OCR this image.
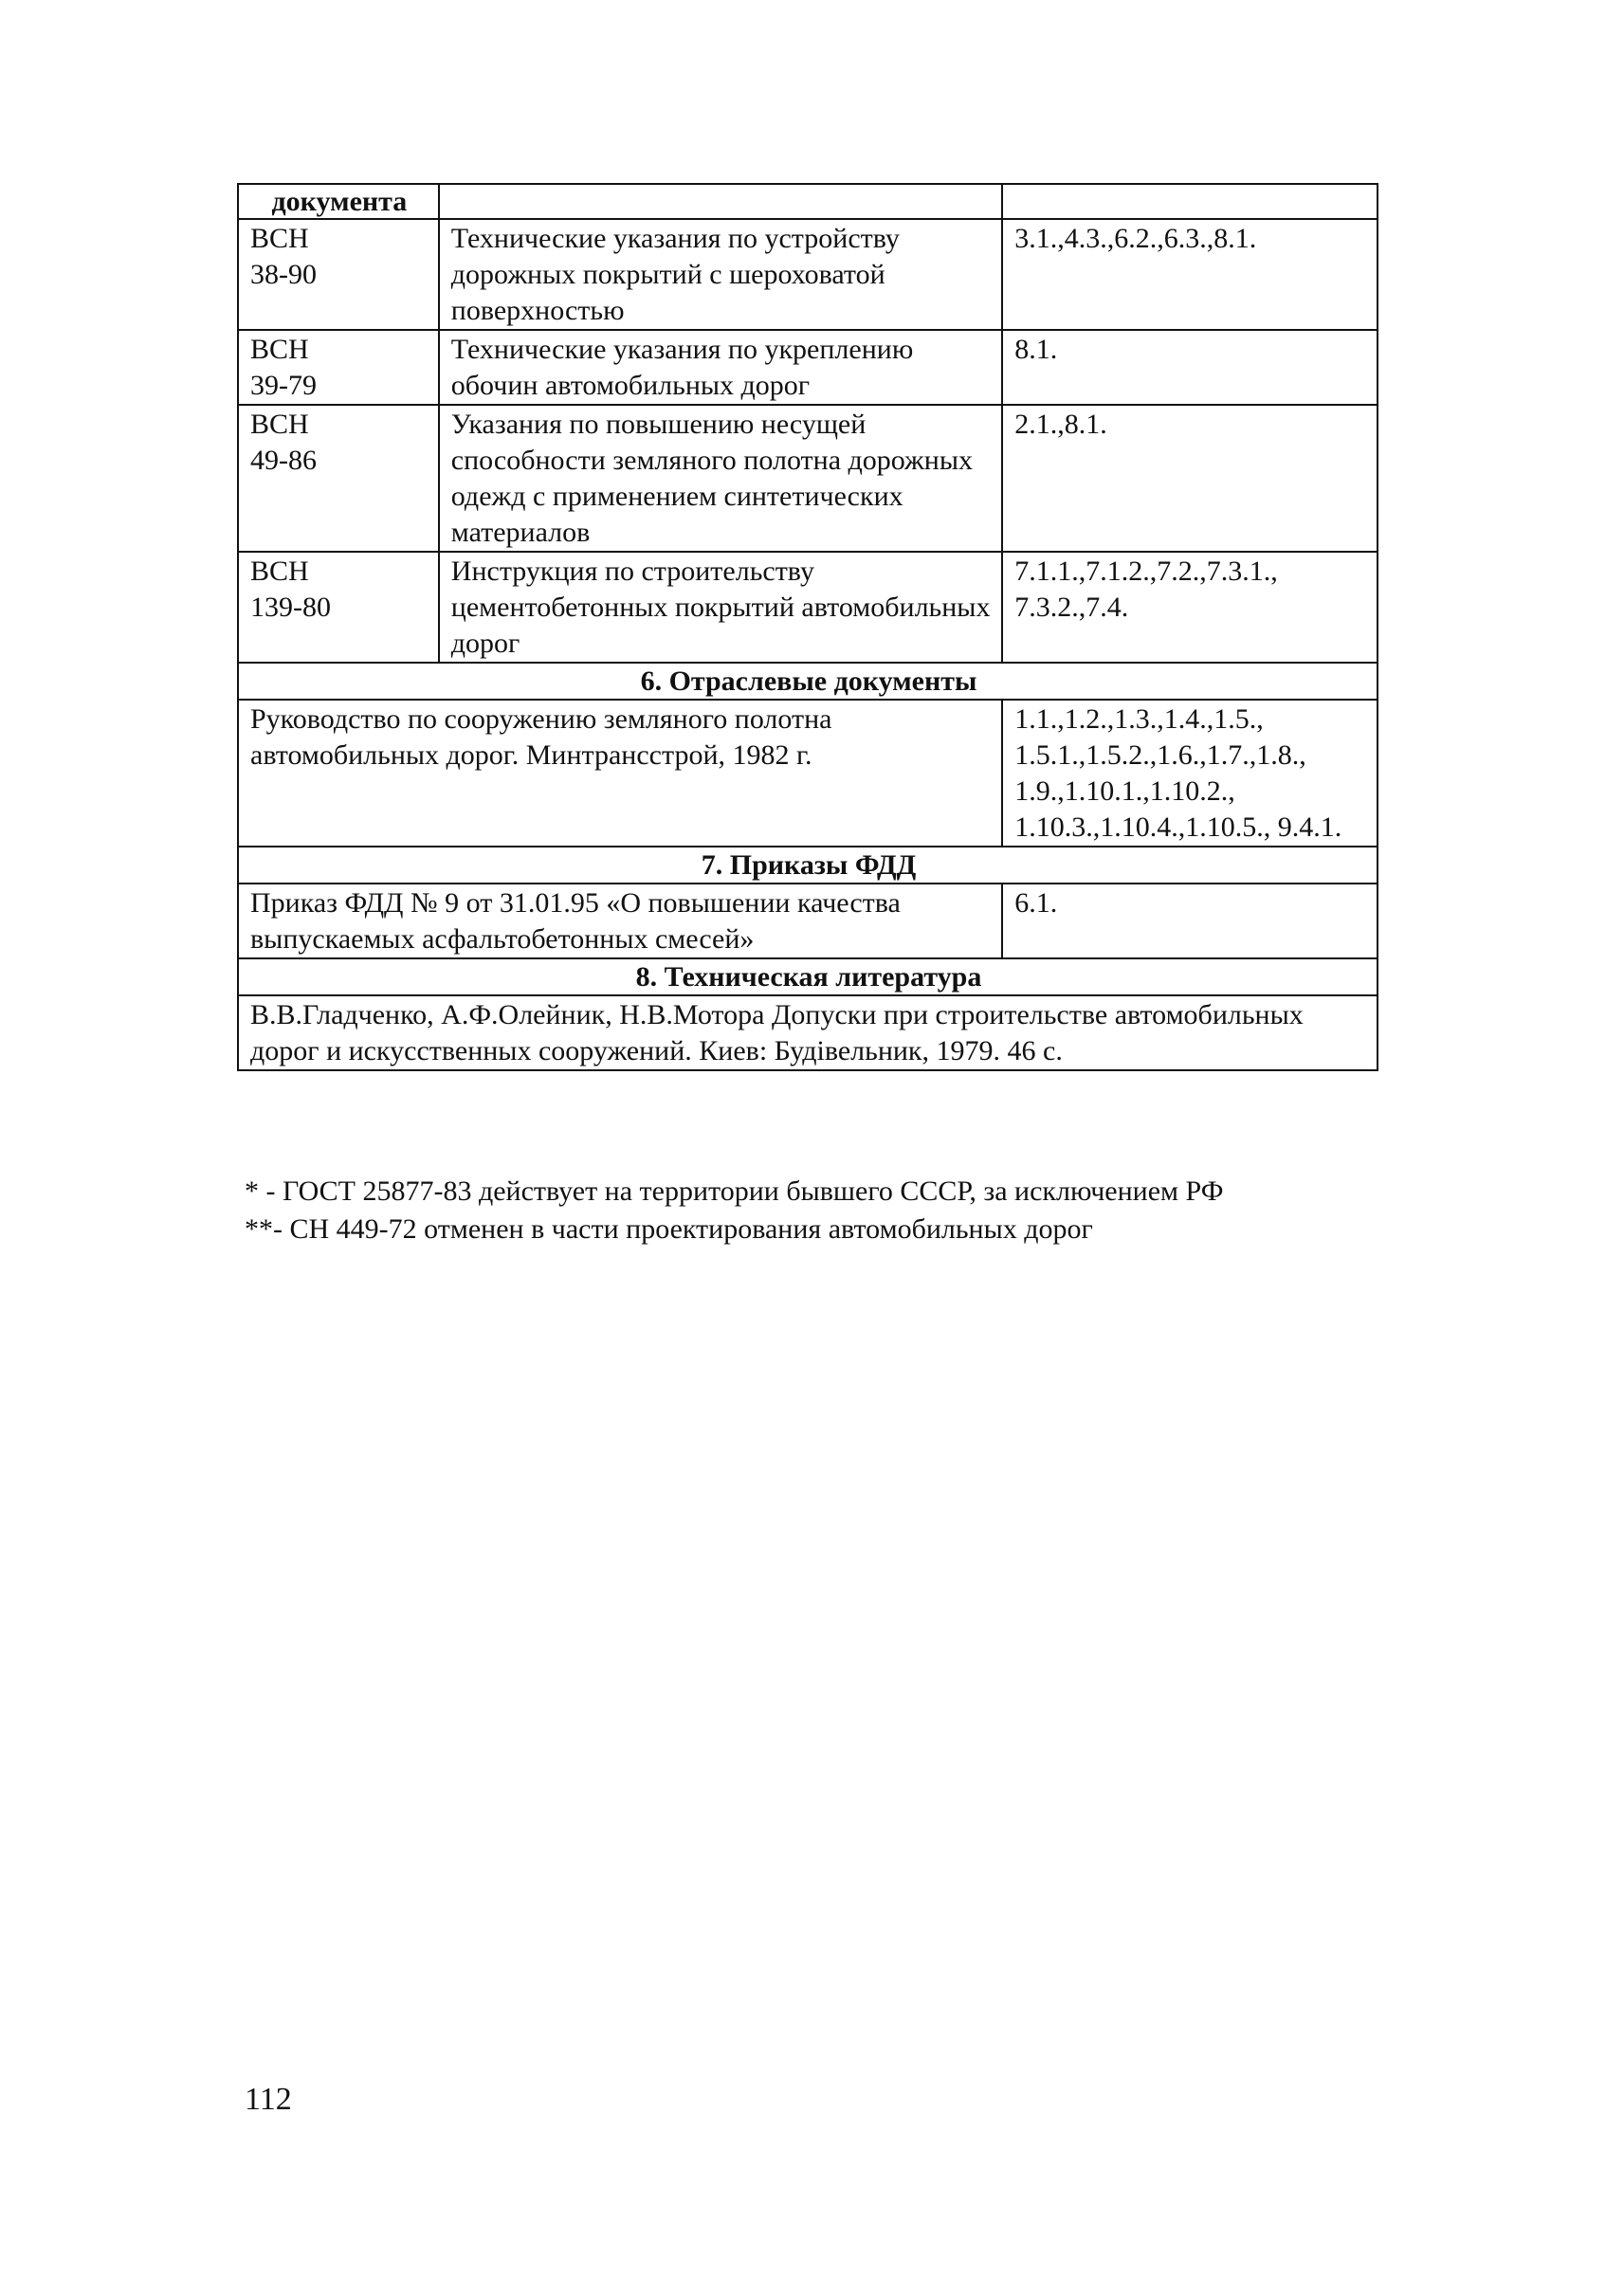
документа		
ВСН
38-90	Технические указания по устройству дорожных покрытий с шероховатой поверхностью	3.1.,4.3.,6.2.,6.3.,8.1.
ВСН
39-79	Технические указания по укреплению обочин автомобильных дорог	8.1.
ВСН
49-86	Указания по повышению несущей способности земляного полотна дорожных одежд с применением синтетических материалов	2.1.,8.1.
ВСН
139-80	Инструкция по строительству цементобетонных покрытий автомобильных дорог	7.1.1.,7.1.2.,7.2.,7.3.1., 7.3.2.,7.4.
6. Отраслевые документы		
Руководство по сооружению земляного полотна автомобильных дорог. Минтрансстрой, 1982 г.		1.1.,1.2.,1.3.,1.4.,1.5., 1.5.1.,1.5.2.,1.6.,1.7.,1.8., 1.9.,1.10.1.,1.10.2., 1.10.3.,1.10.4.,1.10.5., 9.4.1.
7. Приказы ФДД		
Приказ ФДД № 9 от 31.01.95 «О повышении качества выпускаемых асфальтобетонных смесей»		6.1.
8. Техническая литература		
В.В.Гладченко, А.Ф.Олейник, Н.В.Мотора Допуски при строительстве автомобильных дорог и искусственных сооружений. Киев: Будівельник, 1979. 46 с.		
* - ГОСТ 25877-83 действует на территории бывшего СССР, за исключением РФ
**- СН 449-72 отменен в части проектирования автомобильных дорог
112
